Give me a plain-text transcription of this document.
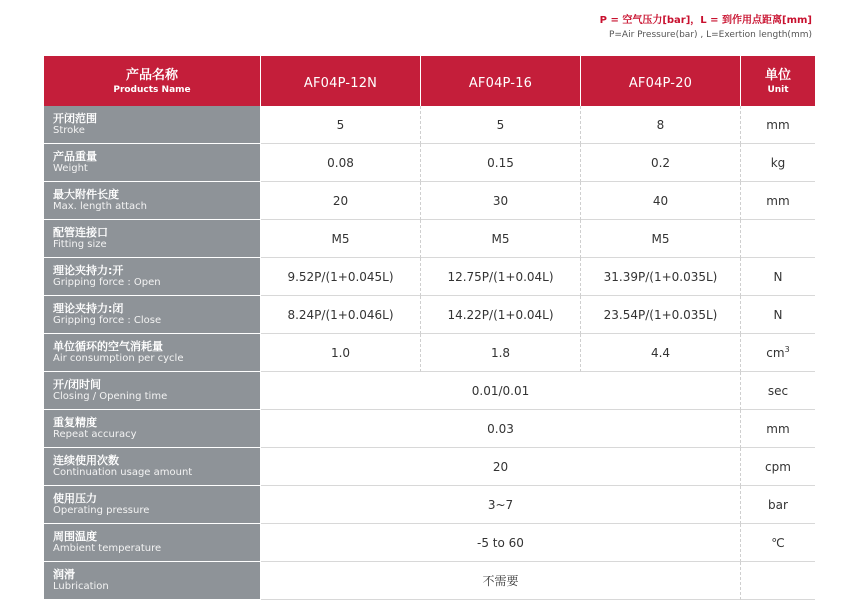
P = 空气压力[bar]，L = 到作用点距离[mm]
P=Air Pressure(bar) , L=Exertion length(mm)
产品名称
Products Name	AF04P-12N	AF04P-16	AF04P-20	单位
Unit

开闭范围
Stroke	5	5	8	mm

产品重量
Weight	0.08	0.15	0.2	kg

最大附件长度
Max. length attach	20	30	40	mm

配管连接口
Fitting size	M5	M5	M5	

理论夹持力:开
Gripping force : Open	9.52P/(1+0.045L)	12.75P/(1+0.04L)	31.39P/(1+0.035L)	N

理论夹持力:闭
Gripping force : Close	8.24P/(1+0.046L)	14.22P/(1+0.04L)	23.54P/(1+0.035L)	N

单位循环的空气消耗量
Air consumption per cycle	1.0	1.8	4.4	$cm^3$

开/闭时间
Closing / Opening time	0.01/0.01			sec

重复精度
Repeat accuracy	0.03			mm

连续使用次数
Continuation usage amount	20			cpm

使用压力
Operating pressure	3~7			bar

周围温度
Ambient temperature	-5 to 60			℃

润滑
Lubrication	不需要			
